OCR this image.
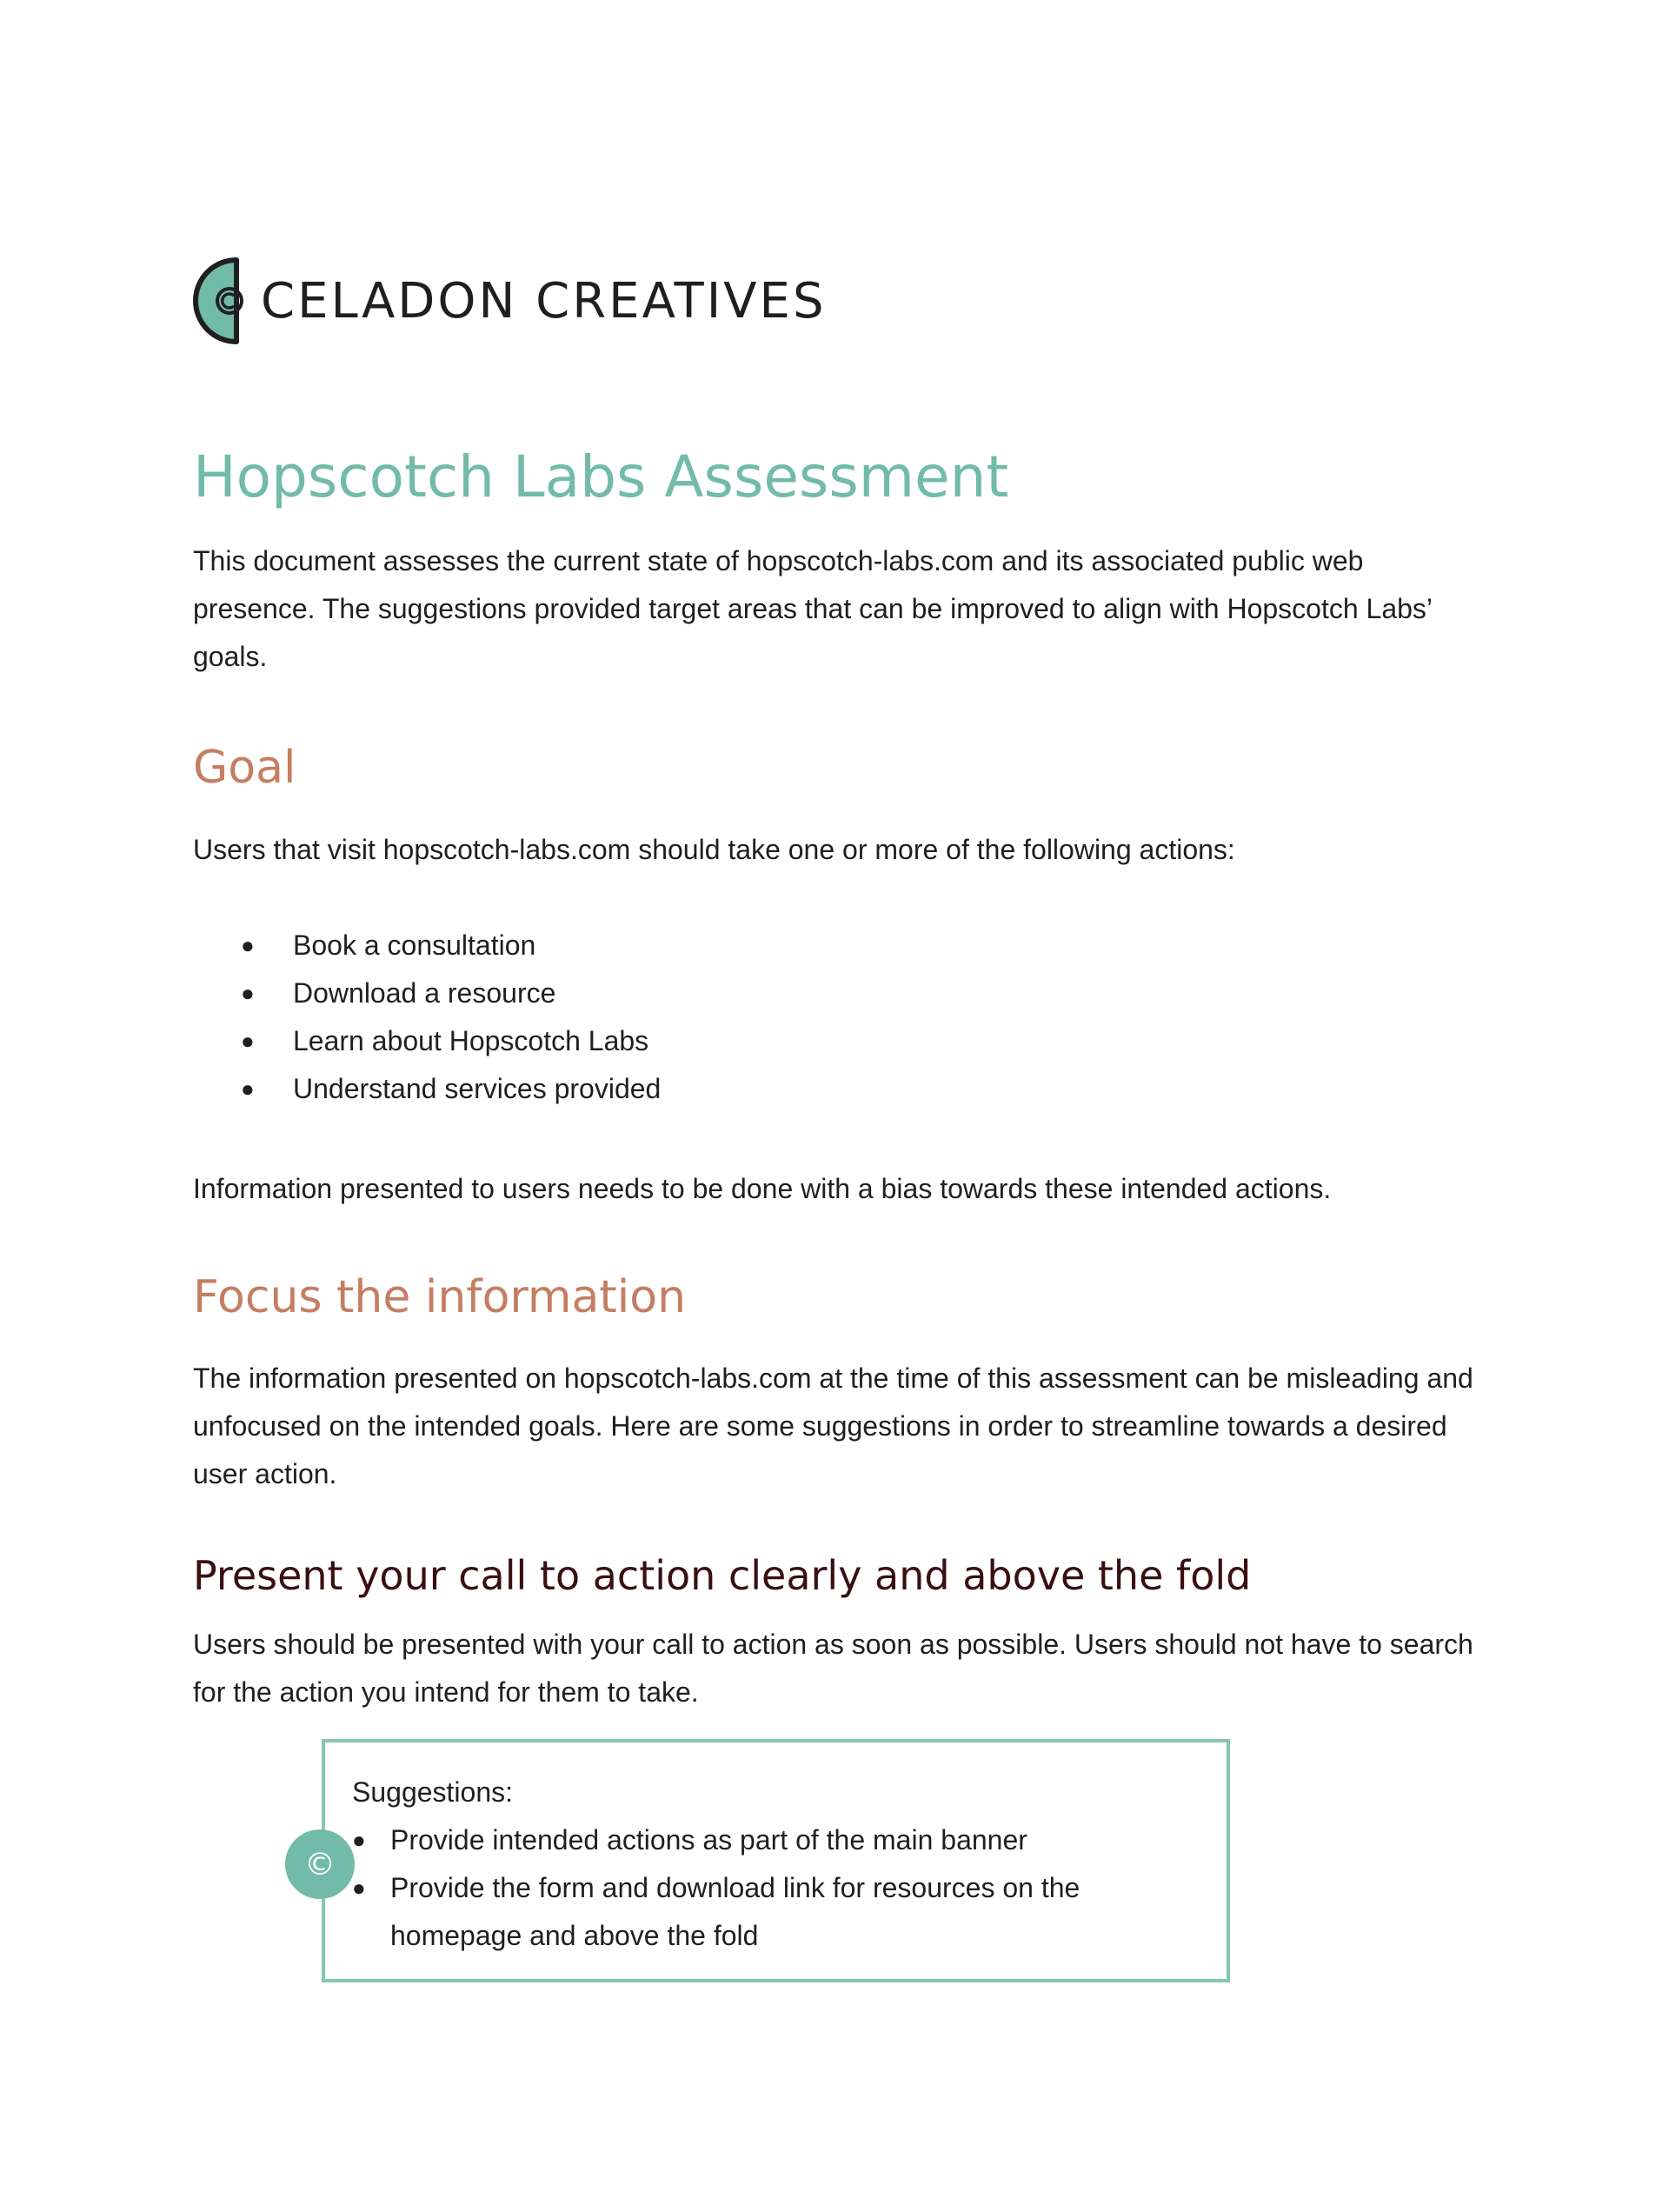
CELADON CREATIVES
Hopscotch Labs Assessment

This document assesses the current state of hopscotch-labs.com and its associated public web presence. The suggestions provided target areas that can be improved to align with Hopscotch Labs’ goals.

Goal

Users that visit hopscotch-labs.com should take one or more of the following actions:

● Book a consultation
● Download a resource
● Learn about Hopscotch Labs
● Understand services provided

Information presented to users needs to be done with a bias towards these intended actions.

Focus the information

The information presented on hopscotch-labs.com at the time of this assessment can be misleading and unfocused on the intended goals. Here are some suggestions in order to streamline towards a desired user action.

Present your call to action clearly and above the fold

Users should be presented with your call to action as soon as possible. Users should not have to search for the action you intend for them to take.

©

Suggestions:

● Provide intended actions as part of the main banner
● Provide the form and download link for resources on the homepage and above the fold
